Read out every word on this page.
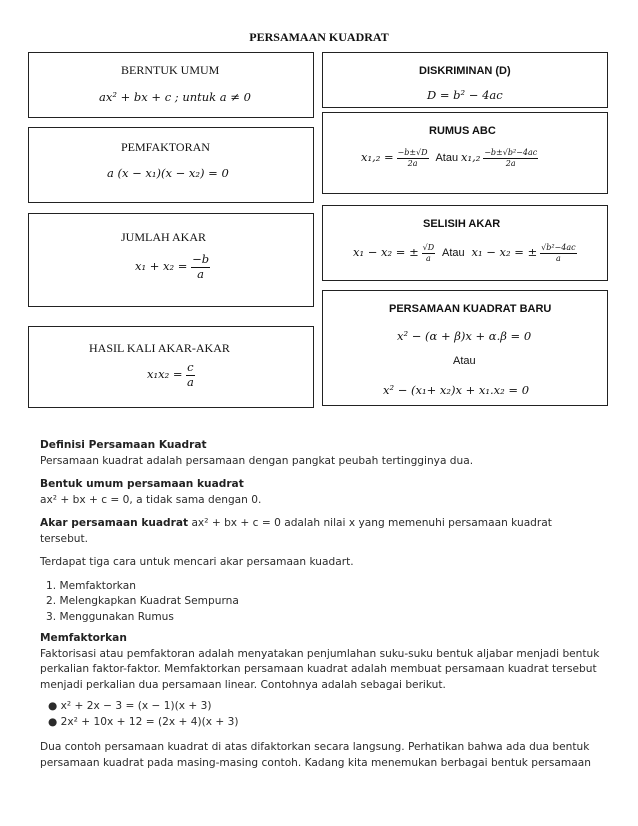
PERSAMAAN KUADRAT
BERNTUK UMUM
ax² + bx + c ; untuk a ≠ 0
PEMFAKTORAN
a (x − x₁)(x − x₂) = 0
JUMLAH AKAR
$x_1 + x_2 = \frac{-b}{a}$
HASIL KALI AKAR-AKAR
$x_1x_2 = \frac{c}{a}$
DISKRIMINAN (D)
D = b² − 4ac
RUMUS ABC
$x_1,_2 = \frac{-b\pm√D}{2a}$ Atau $x_1,_2 \frac{\text{−b±√b²−4ac}}{2a}$
SELISIH AKAR
x₁ − x₂ = ± $\frac{√D}{a}$ Atau x₁ − x₂ = ± $\frac{\text{√b²−4ac}}{a}$
PERSAMAAN KUADRAT BARU
x² − (α + β)x + α.β = 0
Atau
x² − (x₁+ x₂)x + x₁.x₂ = 0

Definisi Persamaan Kuadrat

Persamaan kuadrat adalah persamaan dengan pangkat peubah tertingginya dua.

Bentuk umum persamaan kuadrat

ax² + bx + c = 0, a tidak sama dengan 0.

Akar persamaan kuadrat ax² + bx + c = 0 adalah nilai x yang memenuhi persamaan kuadrat tersebut.

Terdapat tiga cara untuk mencari akar persamaan kuadart.

1. Memfaktorkan

2. Melengkapkan Kuadrat Sempurna

3. Menggunakan Rumus

Memfaktorkan

Faktorisasi atau pemfaktoran adalah menyatakan penjumlahan suku-suku bentuk aljabar menjadi bentuk

perkalian faktor-faktor. Memfaktorkan persamaan kuadrat adalah membuat persamaan kuadrat tersebut

menjadi perkalian dua persamaan linear. Contohnya adalah sebagai berikut.

● x² + 2x − 3 = (x − 1)(x + 3)

● 2x² + 10x + 12 = (2x + 4)(x + 3)

Dua contoh persamaan kuadrat di atas difaktorkan secara langsung. Perhatikan bahwa ada dua bentuk

persamaan kuadrat pada masing-masing contoh. Kadang kita menemukan berbagai bentuk persamaan
